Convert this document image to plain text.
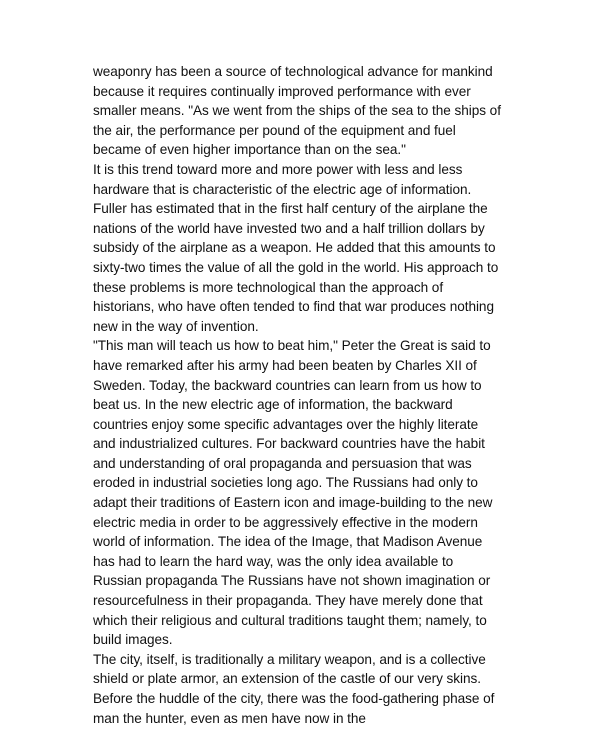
weaponry has been a source of technological advance for mankind
because it requires continually improved performance with ever
smaller means. "As we went from the ships of the sea to the ships of
the air, the performance per pound of the equipment and fuel
became of even higher importance than on the sea."
It is this trend toward more and more power with less and less
hardware that is characteristic of the electric age of information.
Fuller has estimated that in the first half century of the airplane the
nations of the world have invested two and a half trillion dollars by
subsidy of the airplane as a weapon. He added that this amounts to
sixty-two times the value of all the gold in the world. His approach to
these problems is more technological than the approach of
historians, who have often tended to find that war produces nothing
new in the way of invention.
"This man will teach us how to beat him," Peter the Great is said to
have remarked after his army had been beaten by Charles XII of
Sweden. Today, the backward countries can learn from us how to
beat us. In the new electric age of information, the backward
countries enjoy some specific advantages over the highly literate
and industrialized cultures. For backward countries have the habit
and understanding of oral propaganda and persuasion that was
eroded in industrial societies long ago. The Russians had only to
adapt their traditions of Eastern icon and image-building to the new
electric media in order to be aggressively effective in the modern
world of information. The idea of the Image, that Madison Avenue
has had to learn the hard way, was the only idea available to
Russian propaganda The Russians have not shown imagination or
resourcefulness in their propaganda. They have merely done that
which their religious and cultural traditions taught them; namely, to
build images.
The city, itself, is traditionally a military weapon, and is a collective
shield or plate armor, an extension of the castle of our very skins.
Before the huddle of the city, there was the food-gathering phase of
man the hunter, even as men have now in the
